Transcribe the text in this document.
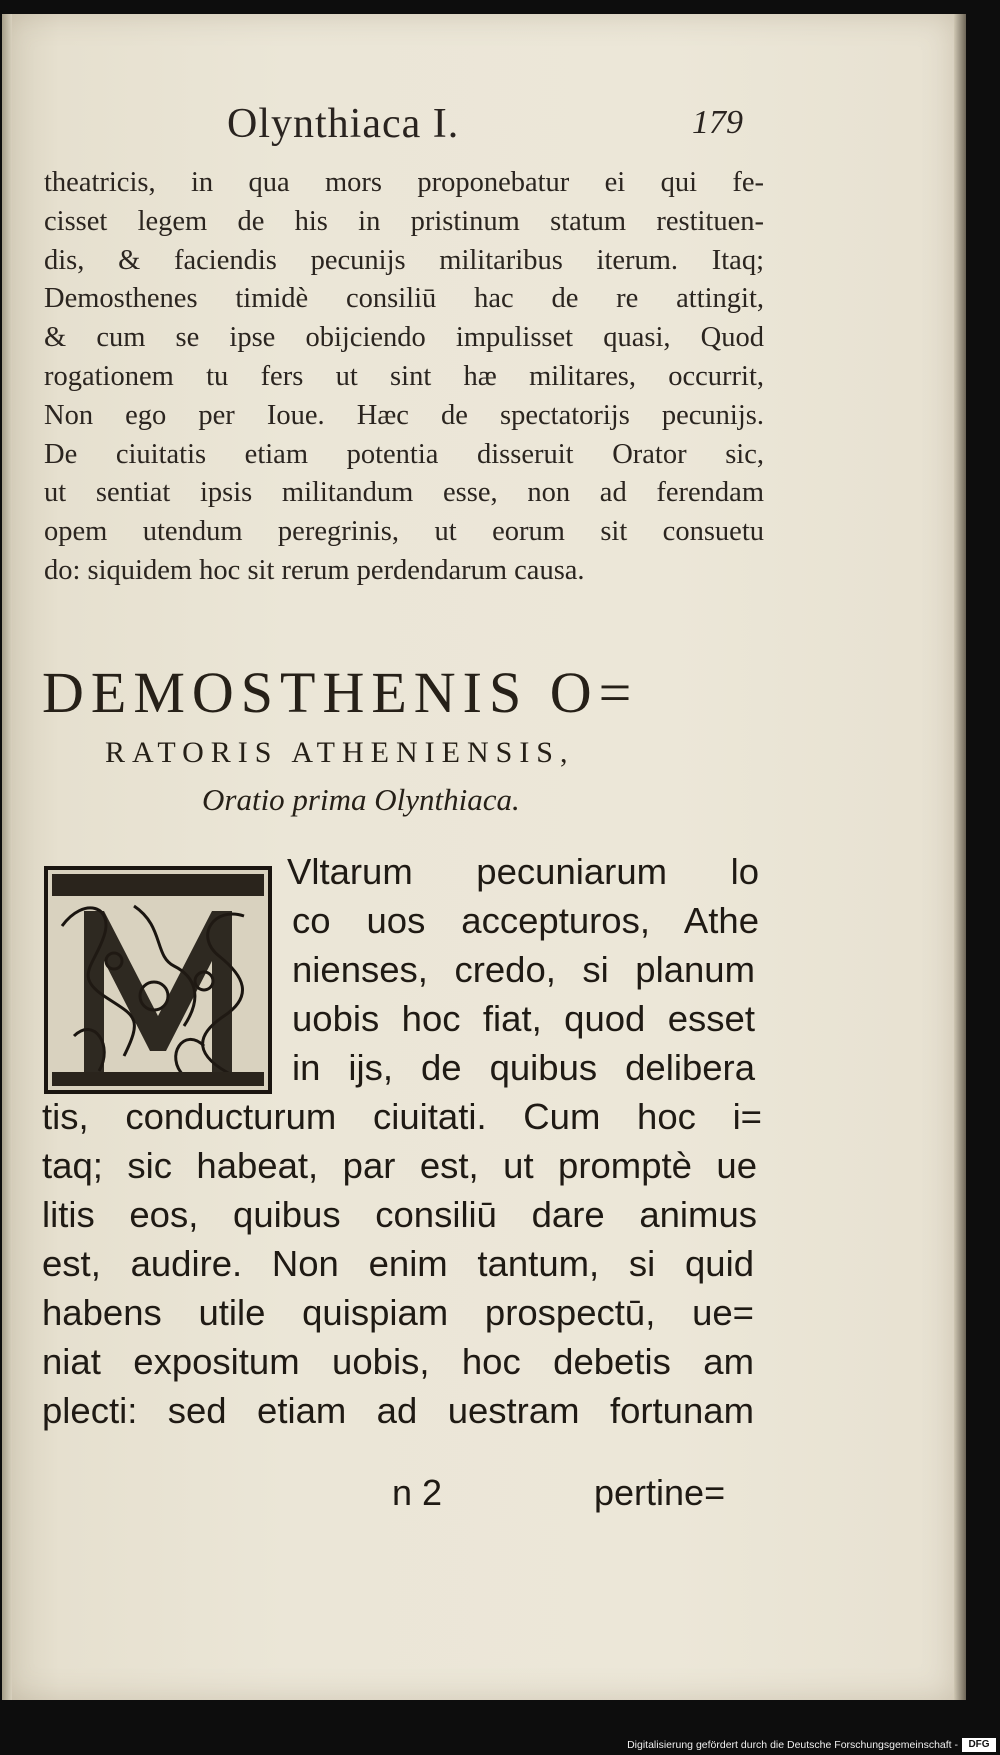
Olynthiaca I.	179
theatricis, in qua mors proponebatur ei qui fe-
cisset legem de his in pristinum statum restituen-
dis, & faciendis pecunijs militaribus iterum. Itaq;
Demosthenes timidè consiliū hac de re attingit,
& cum se ipse obijciendo impulisset quasi, Quod
rogationem tu fers ut sint hæ militares, occurrit,
Non ego per Ioue. Hæc de spectatorijs pecunijs.
De ciuitatis etiam potentia disseruit Orator sic,
ut sentiat ipsis militandum esse, non ad ferendam
opem utendum peregrinis, ut eorum sit consuetu
do: siquidem hoc sit rerum perdendarum causa.
DEMOSTHENIS O=
RATORIS ATHENIENSIS,
Oratio prima Olynthiaca.
Vltarum pecuniarum lo
co uos accepturos, Athe
nienses, credo, si planum
uobis hoc fiat, quod esset
in ijs, de quibus delibera
tis, conducturum ciuitati. Cum hoc i=
taq; sic habeat, par est, ut promptè ue
litis eos, quibus consiliū dare animus
est, audire. Non enim tantum, si quid
habens utile quispiam prospectū, ue=
niat expositum uobis, hoc debetis am
plecti: sed etiam ad uestram fortunam
n 2	pertine=
Digitalisierung gefördert durch die Deutsche Forschungsgemeinschaft -	DFG
